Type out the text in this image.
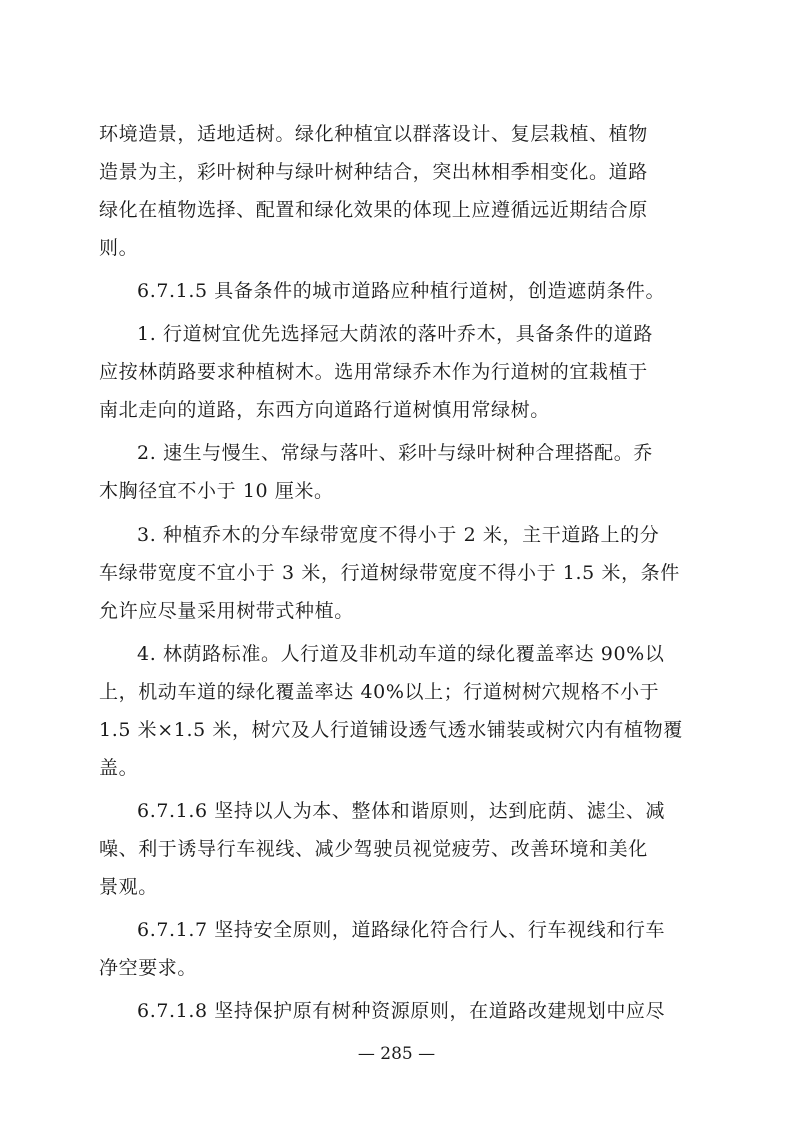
环境造景，适地适树。绿化种植宜以群落设计、复层栽植、植物
造景为主，彩叶树种与绿叶树种结合，突出林相季相变化。道路
绿化在植物选择、配置和绿化效果的体现上应遵循远近期结合原
则。
6.7.1.5 具备条件的城市道路应种植行道树，创造遮荫条件。
1. 行道树宜优先选择冠大荫浓的落叶乔木，具备条件的道路
应按林荫路要求种植树木。选用常绿乔木作为行道树的宜栽植于
南北走向的道路，东西方向道路行道树慎用常绿树。
2. 速生与慢生、常绿与落叶、彩叶与绿叶树种合理搭配。乔
木胸径宜不小于 10 厘米。
3. 种植乔木的分车绿带宽度不得小于 2 米，主干道路上的分
车绿带宽度不宜小于 3 米，行道树绿带宽度不得小于 1.5 米，条件
允许应尽量采用树带式种植。
4. 林荫路标准。人行道及非机动车道的绿化覆盖率达 90%以
上，机动车道的绿化覆盖率达 40%以上；行道树树穴规格不小于
1.5 米×1.5 米，树穴及人行道铺设透气透水铺装或树穴内有植物覆
盖。
6.7.1.6 坚持以人为本、整体和谐原则，达到庇荫、滤尘、减
噪、利于诱导行车视线、减少驾驶员视觉疲劳、改善环境和美化
景观。
6.7.1.7 坚持安全原则，道路绿化符合行人、行车视线和行车
净空要求。
6.7.1.8 坚持保护原有树种资源原则，在道路改建规划中应尽
— 285 —
